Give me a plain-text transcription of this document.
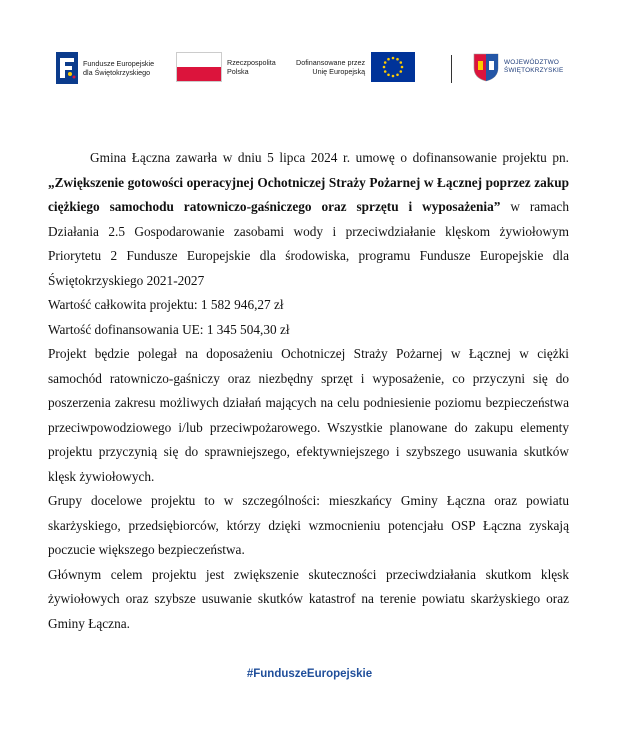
Fundusze Europejskie
dla Świętokrzyskiego
Rzeczpospolita
Polska
Dofinansowane przez
Unię Europejską
WOJEWÓDZTWO
ŚWIĘTOKRZYSKIE

Gmina Łączna zawarła w dniu 5 lipca 2024 r. umowę o dofinansowanie projektu pn. „Zwiększenie gotowości operacyjnej Ochotniczej Straży Pożarnej w Łącznej poprzez zakup ciężkiego samochodu ratowniczo-gaśniczego oraz sprzętu i wyposażenia” w ramach Działania 2.5 Gospodarowanie zasobami wody i przeciwdziałanie klęskom żywiołowym Priorytetu 2 Fundusze Europejskie dla środowiska, programu Fundusze Europejskie dla Świętokrzyskiego 2021-2027

Wartość całkowita projektu: 1 582 946,27 zł

Wartość dofinansowania UE: 1 345 504,30 zł

Projekt będzie polegał na doposażeniu Ochotniczej Straży Pożarnej w Łącznej w ciężki samochód ratowniczo-gaśniczy oraz niezbędny sprzęt i wyposażenie, co przyczyni się do poszerzenia zakresu możliwych działań mających na celu podniesienie poziomu bezpieczeństwa przeciwpowodziowego i/lub przeciwpożarowego. Wszystkie planowane do zakupu elementy projektu przyczynią się do sprawniejszego, efektywniejszego i szybszego usuwania skutków klęsk żywiołowych.

Grupy docelowe projektu to w szczególności: mieszkańcy Gminy Łączna oraz powiatu skarżyskiego, przedsiębiorców, którzy dzięki wzmocnieniu potencjału OSP Łączna zyskają poczucie większego bezpieczeństwa.

Głównym celem projektu jest zwiększenie skuteczności przeciwdziałania skutkom klęsk żywiołowych oraz szybsze usuwanie skutków katastrof na terenie powiatu skarżyskiego oraz Gminy Łączna.

#FunduszeEuropejskie
